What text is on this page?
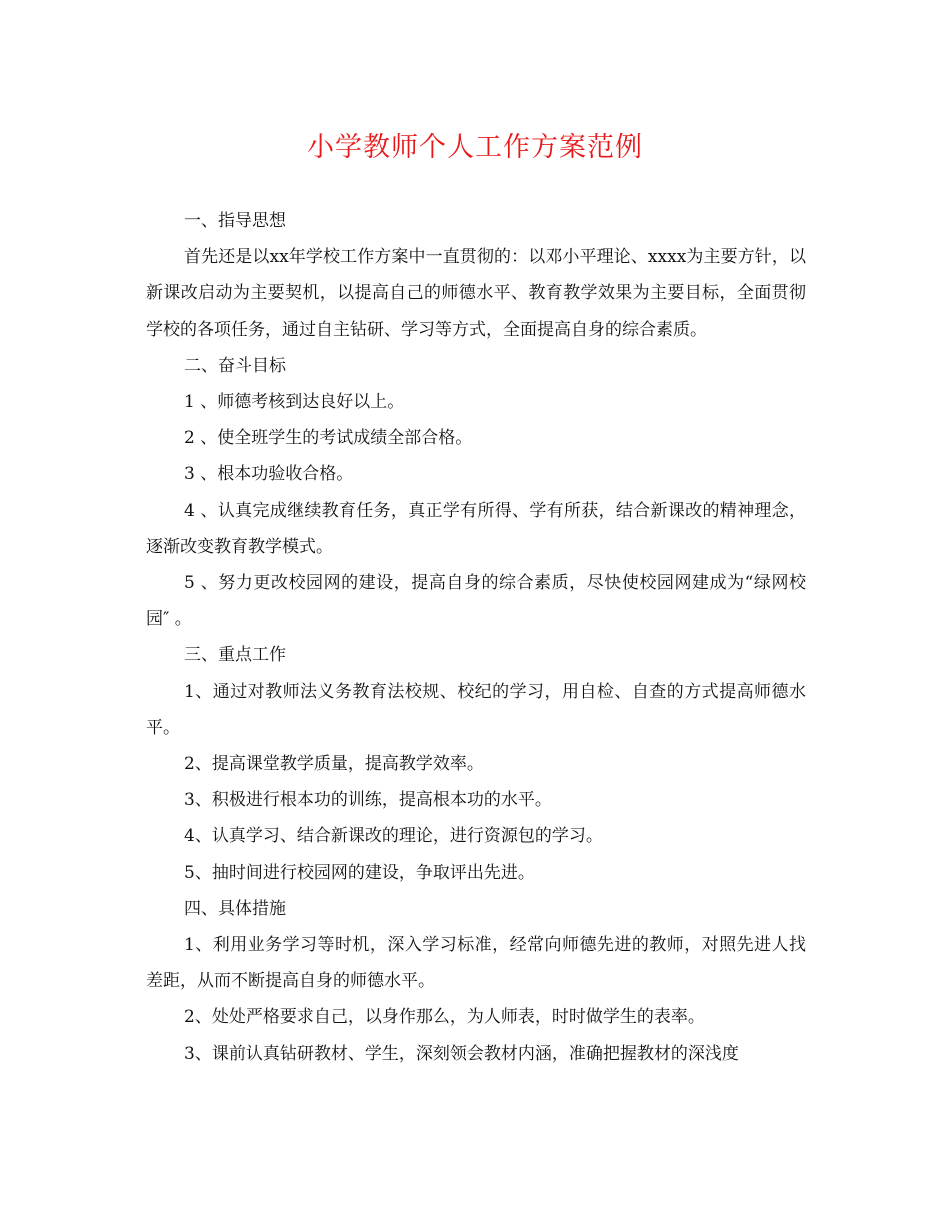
小学教师个人工作方案范例

一、指导思想

首先还是以xx年学校工作方案中一直贯彻的：以邓小平理论、xxxx为主要方针，以新课改启动为主要契机，以提高自己的师德水平、教育教学效果为主要目标，全面贯彻学校的各项任务，通过自主钻研、学习等方式，全面提高自身的综合素质。

二、奋斗目标

1 、师德考核到达良好以上。

2 、使全班学生的考试成绩全部合格。

3 、根本功验收合格。

4 、认真完成继续教育任务，真正学有所得、学有所获，结合新课改的精神理念，逐渐改变教育教学模式。

5 、努力更改校园网的建设，提高自身的综合素质，尽快使校园网建成为“绿网校园″ 。

三、重点工作

1、通过对教师法义务教育法校规、校纪的学习，用自检、自查的方式提高师德水平。

2、提高课堂教学质量，提高教学效率。

3、积极进行根本功的训练，提高根本功的水平。

4、认真学习、结合新课改的理论，进行资源包的学习。

5、抽时间进行校园网的建设，争取评出先进。

四、具体措施

1、利用业务学习等时机，深入学习标准，经常向师德先进的教师，对照先进人找差距，从而不断提高自身的师德水平。

2、处处严格要求自己，以身作那么，为人师表，时时做学生的表率。

3、课前认真钻研教材、学生，深刻领会教材内涵，准确把握教材的深浅度
